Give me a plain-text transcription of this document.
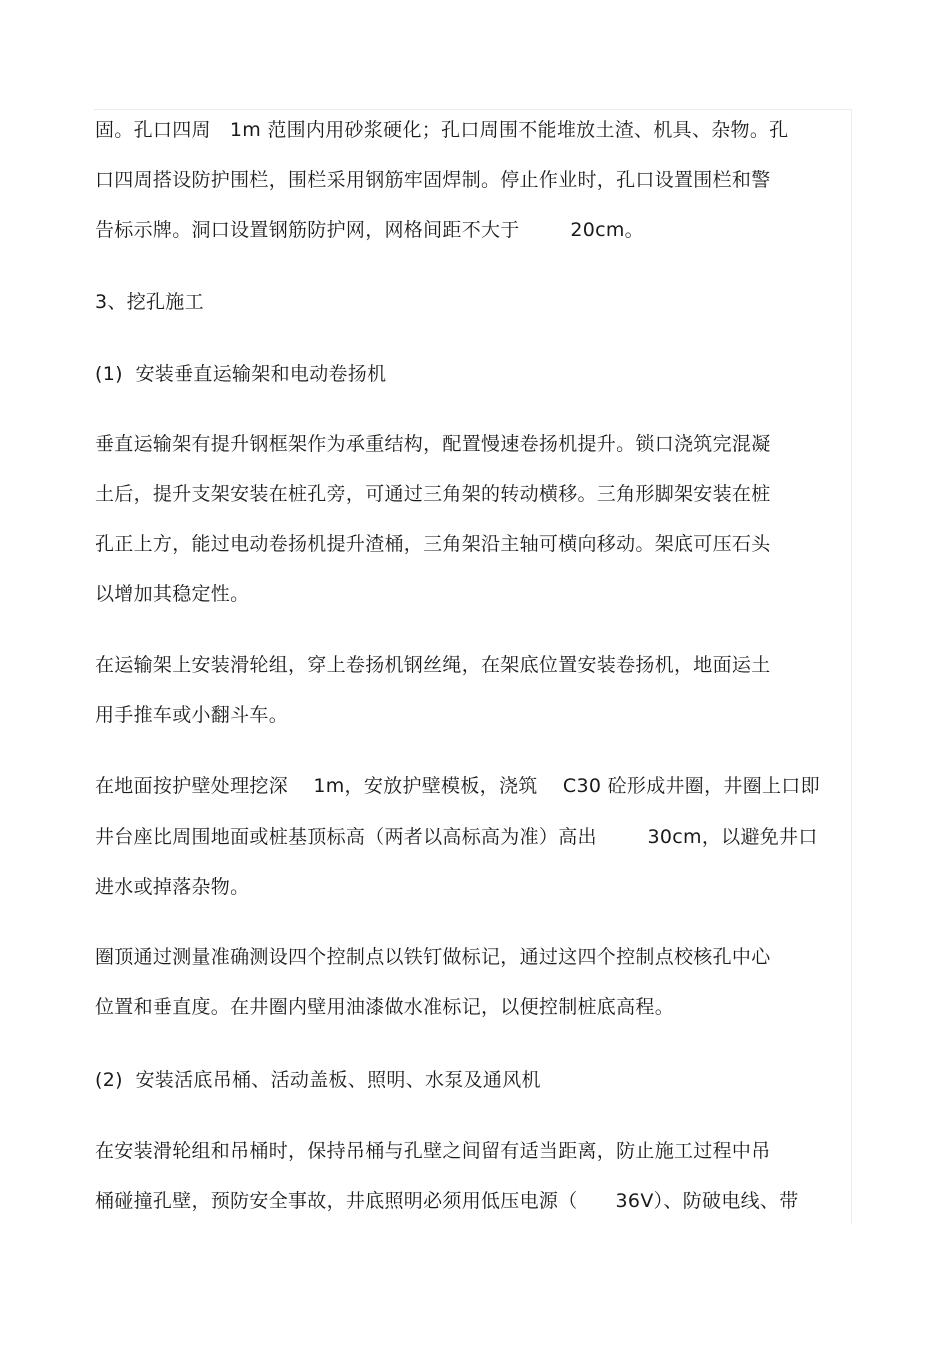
固。孔口四周   1m 范围内用砂浆硬化；孔口周围不能堆放土渣、机具、杂物。孔
口四周搭设防护围栏，围栏采用钢筋牢固焊制。停止作业时，孔口设置围栏和警
告标示牌。洞口设置钢筋防护网，网格间距不大于        20cm。
3、挖孔施工
(1)  安装垂直运输架和电动卷扬机
垂直运输架有提升钢框架作为承重结构，配置慢速卷扬机提升。锁口浇筑完混凝
土后，提升支架安装在桩孔旁，可通过三角架的转动横移。三角形脚架安装在桩
孔正上方，能过电动卷扬机提升渣桶，三角架沿主轴可横向移动。架底可压石头
以增加其稳定性。
在运输架上安装滑轮组，穿上卷扬机钢丝绳，在架底位置安装卷扬机，地面运土
用手推车或小翻斗车。
在地面按护壁处理挖深    1m，安放护壁模板，浇筑    C30 砼形成井圈，井圈上口即
井台座比周围地面或桩基顶标高（两者以高标高为准）高出        30cm，以避免井口
进水或掉落杂物。
圈顶通过测量准确测设四个控制点以铁钉做标记，通过这四个控制点校核孔中心
位置和垂直度。在井圈内壁用油漆做水准标记，以便控制桩底高程。
(2)  安装活底吊桶、活动盖板、照明、水泵及通风机
在安装滑轮组和吊桶时，保持吊桶与孔壁之间留有适当距离，防止施工过程中吊
桶碰撞孔壁，预防安全事故，井底照明必须用低压电源（      36V）、防破电线、带
